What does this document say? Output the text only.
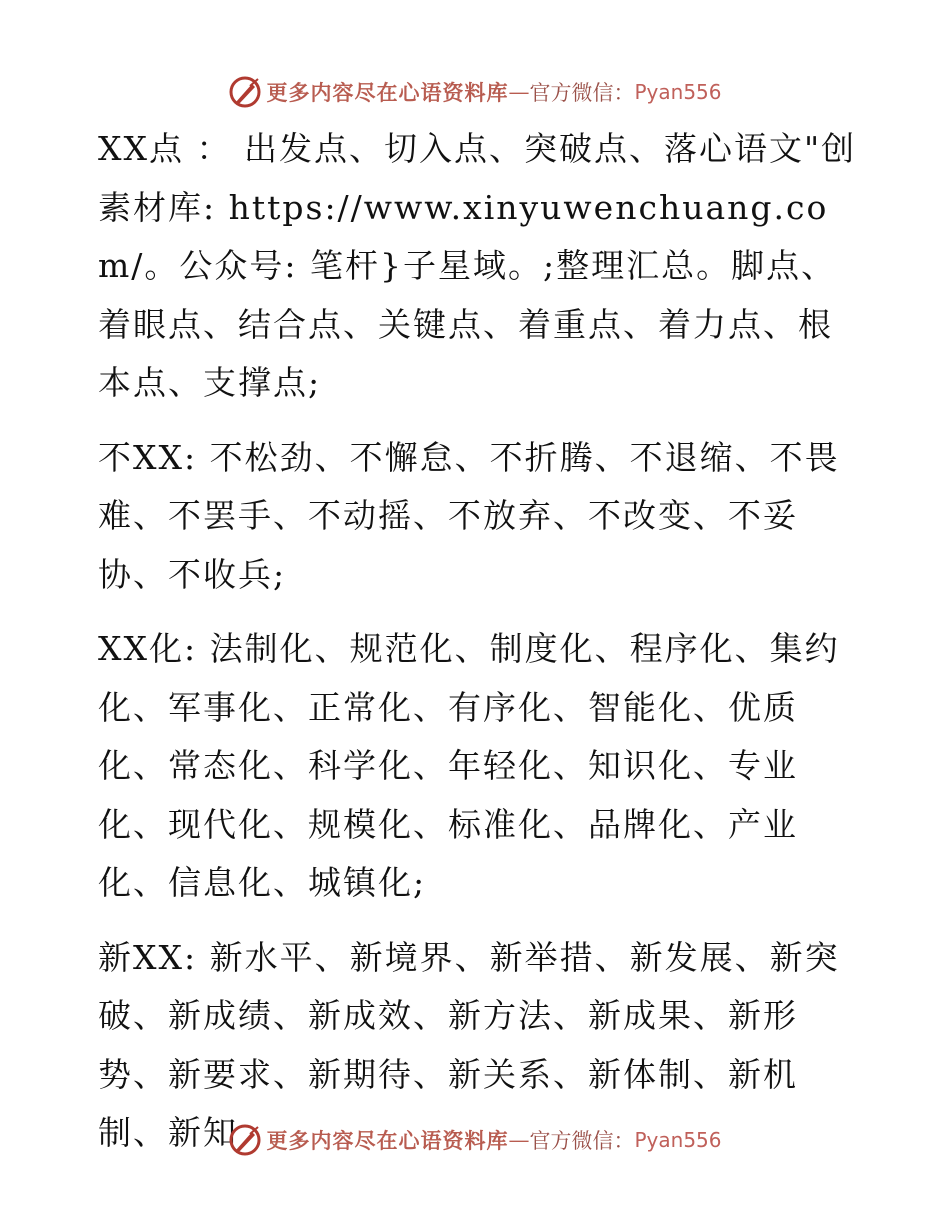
更多内容尽在心语资料库 — 官方微信： Pyan556

XX点 ： 出发点、切入点、突破点、落心语文"创素材库: https://www.xinyuwenchuang.com/。公众号: 笔杆}子星域。;整理汇总。脚点、着眼点、结合点、关键点、着重点、着力点、根本点、支撑点;

不XX: 不松劲、不懈怠、不折腾、不退缩、不畏难、不罢手、不动摇、不放弃、不改变、不妥协、不收兵;

XX化: 法制化、规范化、制度化、程序化、集约化、军事化、正常化、有序化、智能化、优质化、常态化、科学化、年轻化、知识化、专业化、现代化、规模化、标准化、品牌化、产业化、信息化、城镇化;

新XX: 新水平、新境界、新举措、新发展、新突破、新成绩、新成效、新方法、新成果、新形势、新要求、新期待、新关系、新体制、新机制、新知	更多内容尽在心语资料库 — 官方微信： Pyan556
